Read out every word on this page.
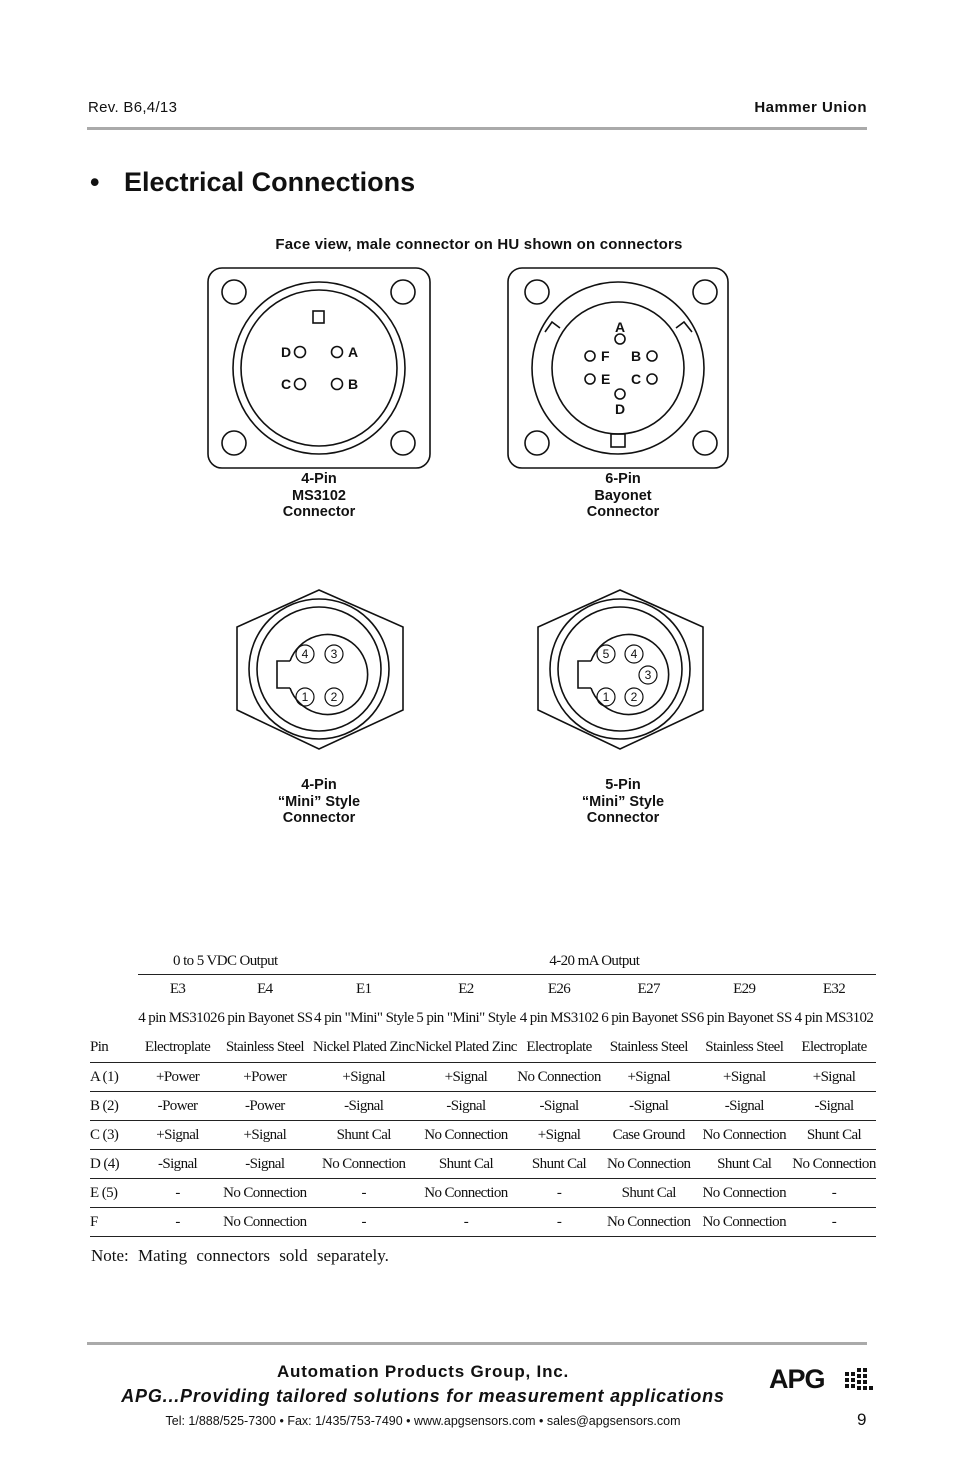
Rev. B6,4/13	Hammer Union
• Electrical Connections
Face view, male connector on HU shown on connectors
D	A
C	B
A
F B
E C
D
4 3
1 2
5 4
3
1 2
4-Pin
MS3102
Connector
6-Pin
Bayonet
Connector
4-Pin
“Mini” Style
Connector
5-Pin
“Mini” Style
Connector
	0 to 5 VDC Output		4-20 mA Output					
	E3	E4	E1	E2	E26	E27	E29	E32
	4 pin MS3102	6 pin Bayonet SS	4 pin "Mini" Style	5 pin "Mini" Style	4 pin MS3102	6 pin Bayonet SS	6 pin Bayonet SS	4 pin MS3102
Pin	Electroplate	Stainless Steel	Nickel Plated Zinc	Nickel Plated Zinc	Electroplate	Stainless Steel	Stainless Steel	Electroplate
A (1)	+Power	+Power	+Signal	+Signal	No Connection	+Signal	+Signal	+Signal
B (2)	-Power	-Power	-Signal	-Signal	-Signal	-Signal	-Signal	-Signal
C (3)	+Signal	+Signal	Shunt Cal	No Connection	+Signal	Case Ground	No Connection	Shunt Cal
D (4)	-Signal	-Signal	No Connection	Shunt Cal	Shunt Cal	No Connection	Shunt Cal	No Connection
E (5)	-	No Connection	-	No Connection	-	Shunt Cal	No Connection	-
F	-	No Connection	-	-	-	No Connection	No Connection	-
Note: Mating connectors sold separately.
Automation Products Group, Inc.
APG...Providing tailored solutions for measurement applications
Tel: 1/888/525-7300 • Fax: 1/435/753-7490 • www.apgsensors.com • sales@apgsensors.com
APG
9
